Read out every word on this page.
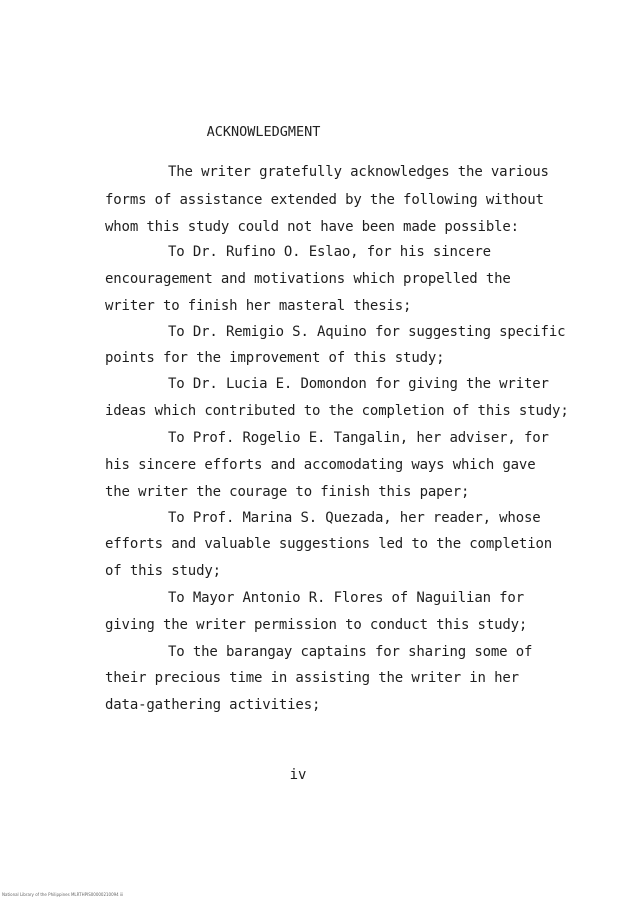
ACKNOWLEDGMENT
The writer gratefully acknowledges the various
forms of assistance extended by the following without
whom this study could not have been made possible:
To Dr. Rufino O. Eslao, for his sincere
encouragement and motivations which propelled the
writer to finish her masteral thesis;
To Dr. Remigio S. Aquino for suggesting specific
points for the improvement of this study;
To Dr. Lucia E. Domondon for giving the writer
ideas which contributed to the completion of this study;
To Prof. Rogelio E. Tangalin, her adviser, for
his sincere efforts and accomodating ways which gave
the writer the courage to finish this paper;
To Prof. Marina S. Quezada, her reader, whose
efforts and valuable suggestions led to the completion
of this study;
To Mayor Antonio R. Flores of Naguilian for
giving the writer permission to conduct this study;
To the barangay captains for sharing some of
their precious time in assisting the writer in her
data-gathering activities;
iv
National Library of the Philippines MLRTHPIS00000210094 iii
